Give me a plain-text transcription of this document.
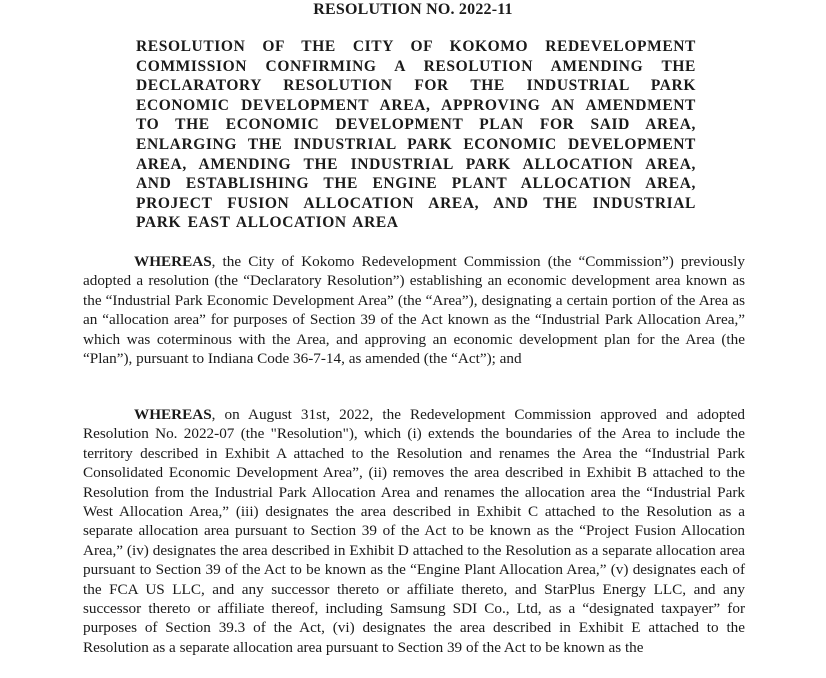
RESOLUTION NO. 2022-11
RESOLUTION OF THE CITY OF KOKOMO REDEVELOPMENT COMMISSION CONFIRMING A RESOLUTION AMENDING THE DECLARATORY RESOLUTION FOR THE INDUSTRIAL PARK ECONOMIC DEVELOPMENT AREA, APPROVING AN AMENDMENT TO THE ECONOMIC DEVELOPMENT PLAN FOR SAID AREA, ENLARGING THE INDUSTRIAL PARK ECONOMIC DEVELOPMENT AREA, AMENDING THE INDUSTRIAL PARK ALLOCATION AREA, AND ESTABLISHING THE ENGINE PLANT ALLOCATION AREA, PROJECT FUSION ALLOCATION AREA, AND THE INDUSTRIAL PARK EAST ALLOCATION AREA

WHEREAS, the City of Kokomo Redevelopment Commission (the “Commission”) previously adopted a resolution (the “Declaratory Resolution”) establishing an economic development area known as the “Industrial Park Economic Development Area” (the “Area”), designating a certain portion of the Area as an “allocation area” for purposes of Section 39 of the Act known as the “Industrial Park Allocation Area,” which was coterminous with the Area, and approving an economic development plan for the Area (the “Plan”), pursuant to Indiana Code 36-7-14, as amended (the “Act”); and

WHEREAS, on August 31st, 2022, the Redevelopment Commission approved and adopted Resolution No. 2022-07 (the "Resolution"), which (i) extends the boundaries of the Area to include the territory described in Exhibit A attached to the Resolution and renames the Area the “Industrial Park Consolidated Economic Development Area”, (ii) removes the area described in Exhibit B attached to the Resolution from the Industrial Park Allocation Area and renames the allocation area the “Industrial Park West Allocation Area,” (iii) designates the area described in Exhibit C attached to the Resolution as a separate allocation area pursuant to Section 39 of the Act to be known as the “Project Fusion Allocation Area,” (iv) designates the area described in Exhibit D attached to the Resolution as a separate allocation area pursuant to Section 39 of the Act to be known as the “Engine Plant Allocation Area,” (v) designates each of the FCA US LLC, and any successor thereto or affiliate thereto, and StarPlus Energy LLC, and any successor thereto or affiliate thereof, including Samsung SDI Co., Ltd, as a “designated taxpayer” for purposes of Section 39.3 of the Act, (vi) designates the area described in Exhibit E attached to the Resolution as a separate allocation area pursuant to Section 39 of the Act to be known as the
